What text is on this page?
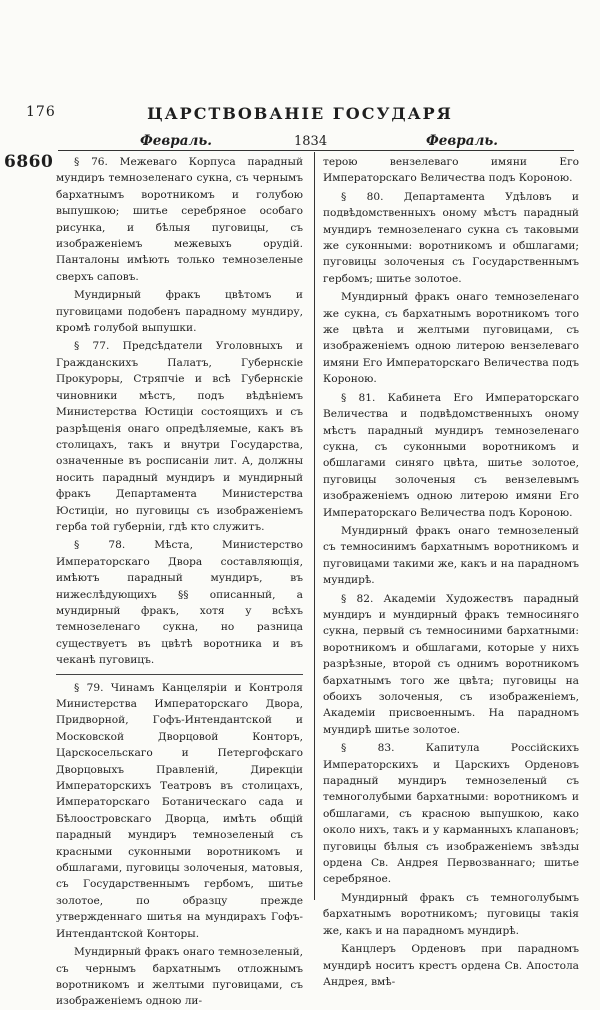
176	ЦАРСТВОВАНІЕ ГОСУДАРЯ
Февраль.	1834	Февраль.
6860	§ 76. Межеваго Корпуса парадный мундиръ темнозеленаго сукна, съ чернымъ бархатнымъ воротникомъ и голубою выпушкою; шитье серебряное особаго рисунка, и бѣлыя пуговицы, съ изображеніемъ межевыхъ орудій. Панталоны имѣють только темнозеленые сверхъ саповъ.

Мундирный фракъ цвѣтомъ и пуговицами подобенъ парадному мундиру, кромѣ голубой выпушки.

§ 77. Предсѣдатели Уголовныхъ и Гражданскихъ Палатъ, Губернскіе Прокуроры, Стряпчіе и всѣ Губернскіе чиновники мѣстъ, подъ вѣдѣніемъ Министерства Юстиціи состоящихъ и съ разрѣщенія онаго опредѣляемые, какъ въ столицахъ, такъ и внутри Государства, означенные въ росписаніи лит. А, должны носить парадный мундиръ и мундирный фракъ Департамента Министерства Юстиціи, но пуговицы съ изображеніемъ герба той губерніи, гдѣ кто служитъ.

§ 78. Мѣста, Министерство Императорскаго Двора составляющія, имѣютъ парадный мундиръ, въ нижеслѣдующихъ §§ описанный, а мундирный фракъ, хотя у всѣхъ темнозеленаго сукна, но разница существуетъ въ цвѣтѣ воротника и въ чеканѣ пуговицъ.

§ 79. Чинамъ Канцеляріи и Контроля Министерства Императорскаго Двора, Придворной, Гофъ-Интендантской и Московской Дворцовой Конторъ, Царскосельскаго и Петергофскаго Дворцовыхъ Правленій, Дирекціи Императорскихъ Театровъ въ столицахъ, Императорскаго Ботаническаго сада и Бѣлоостровскаго Дворца, имѣть общій парадный мундиръ темнозеленый съ красными суконными воротникомъ и обшлагами, пуговицы золоченыя, матовыя, съ Государственнымъ гербомъ, шитье золотое, по образцу прежде утвержденнаго шитья на мундирахъ Гофъ-Интендантской Конторы.

Мундирный фракъ онаго темнозеленый, съ чернымъ бархатнымъ отложнымъ воротникомъ и желтыми пуговицами, съ изображеніемъ одною ли-

терою вензелеваго имяни Его Императорскаго Величества подъ Короною.

§ 80. Департамента Удѣловъ и подвѣдомственныхъ оному мѣстъ парадный мундиръ темнозеленаго сукна съ таковыми же суконными: воротникомъ и обшлагами; пуговицы золоченыя съ Государственнымъ гербомъ; шитье золотое.

Мундирный фракъ онаго темнозеленаго же сукна, съ бархатнымъ воротникомъ того же цвѣта и желтыми пуговицами, съ изображеніемъ одною литерою вензелеваго имяни Его Императорскаго Величества подъ Короною.

§ 81. Кабинета Его Императорскаго Величества и подвѣдомственныхъ оному мѣстъ парадный мундиръ темнозеленаго сукна, съ суконными воротникомъ и обшлагами синяго цвѣта, шитье золотое, пуговицы золоченыя съ вензелевымъ изображеніемъ одною литерою имяни Его Императорскаго Величества подъ Короною.

Мундирный фракъ онаго темнозеленый съ темносинимъ бархатнымъ воротникомъ и пуговицами такими же, какъ и на парадномъ мундирѣ.

§ 82. Академіи Художествъ парадный мундиръ и мундирный фракъ темносиняго сукна, первый съ темносиними бархатными: воротникомъ и обшлагами, которые у нихъ разрѣзные, второй съ однимъ воротникомъ бархатнымъ того же цвѣта; пуговицы на обоихъ золоченыя, съ изображеніемъ, Академіи присвоеннымъ. На парадномъ мундирѣ шитье золотое.

§ 83. Капитула Россійскихъ Императорскихъ и Царскихъ Орденовъ парадный мундиръ темнозеленый съ темноголубыми бархатными: воротникомъ и обшлагами, съ красною выпушкою, како около нихъ, такъ и у карманныхъ клапановъ; пуговицы бѣлыя съ изображеніемъ звѣзды ордена Св. Андрея Первозваннаго; шитье серебряное.

Мундирный фракъ съ темноголубымъ бархатнымъ воротникомъ; пуговицы такія же, какъ и на парадномъ мундирѣ.

Канцлеръ Орденовъ при парадномъ мундирѣ носитъ крестъ ордена Св. Апостола Андрея, вмѣ-
